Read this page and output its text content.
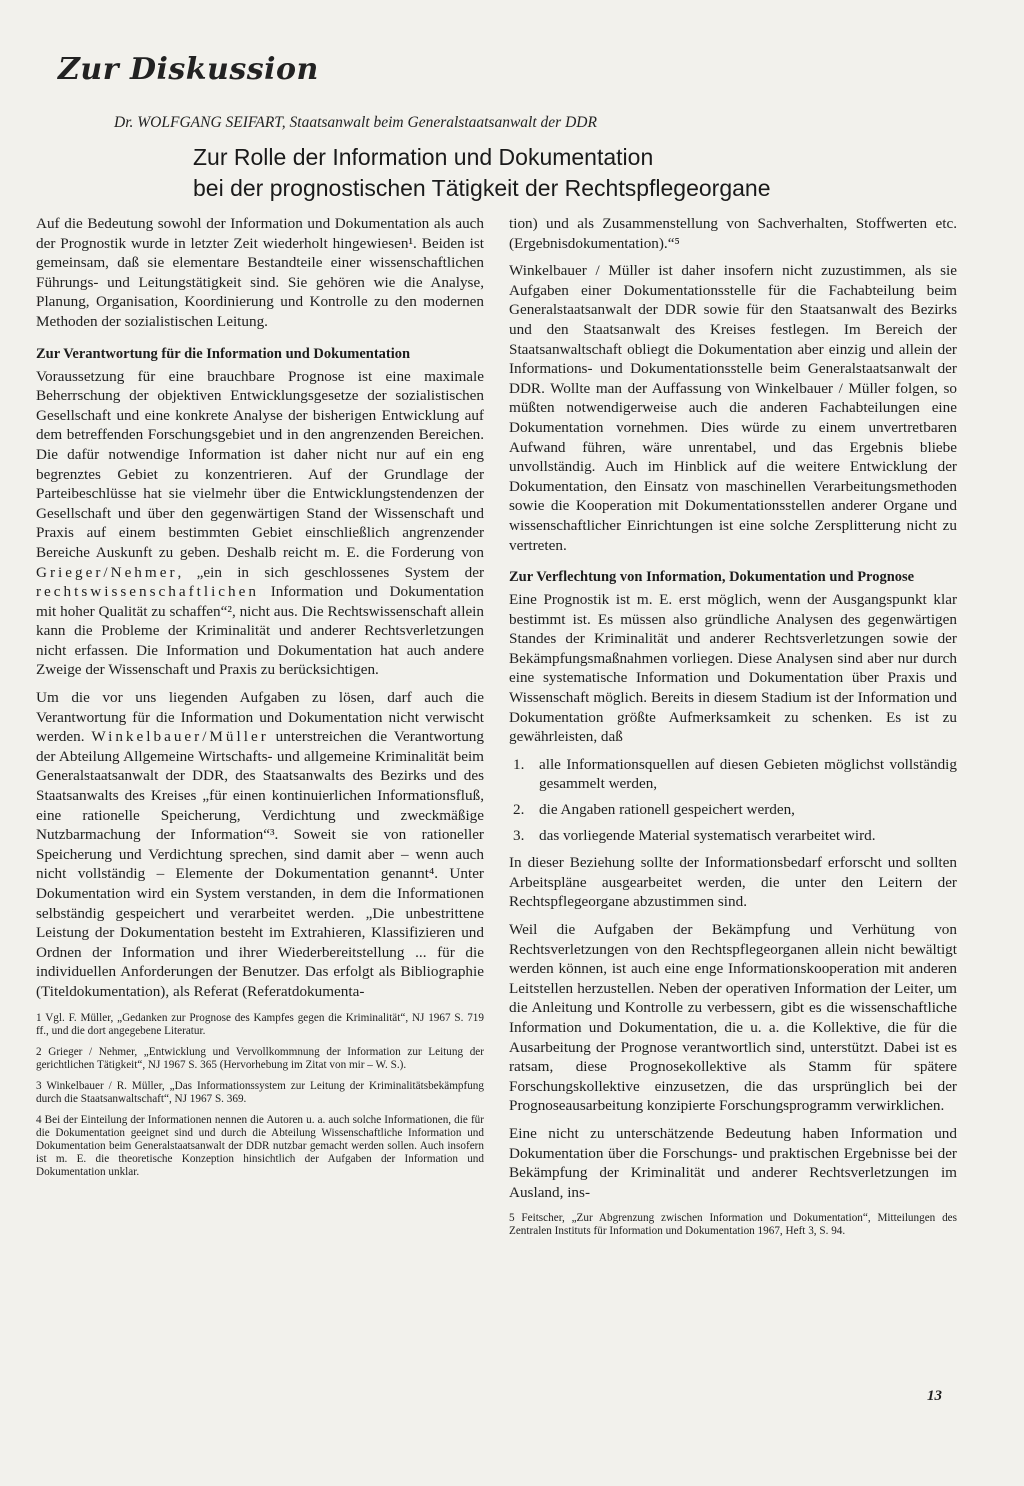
Zur Diskussion
Dr. WOLFGANG SEIFART, Staatsanwalt beim Generalstaatsanwalt der DDR
Zur Rolle der Information und Dokumentation
bei der prognostischen Tätigkeit der Rechtspflegeorgane

Auf die Bedeutung sowohl der Information und Dokumentation als auch der Prognostik wurde in letzter Zeit wiederholt hingewiesen¹. Beiden ist gemeinsam, daß sie elementare Bestandteile einer wissenschaftlichen Führungs- und Leitungstätigkeit sind. Sie gehören wie die Analyse, Planung, Organisation, Koordinierung und Kontrolle zu den modernen Methoden der sozialistischen Leitung.

Zur Verantwortung für die Information und Dokumentation

Voraussetzung für eine brauchbare Prognose ist eine maximale Beherrschung der objektiven Entwicklungsgesetze der sozialistischen Gesellschaft und eine konkrete Analyse der bisherigen Entwicklung auf dem betreffenden Forschungsgebiet und in den angrenzenden Bereichen. Die dafür notwendige Information ist daher nicht nur auf ein eng begrenztes Gebiet zu konzentrieren. Auf der Grundlage der Parteibeschlüsse hat sie vielmehr über die Entwicklungstendenzen der Gesellschaft und über den gegenwärtigen Stand der Wissenschaft und Praxis auf einem bestimmten Gebiet einschließlich angrenzender Bereiche Auskunft zu geben. Deshalb reicht m. E. die Forderung von Grieger/Nehmer, „ein in sich geschlossenes System der rechtswissenschaftlichen Information und Dokumentation mit hoher Qualität zu schaffen“², nicht aus. Die Rechtswissenschaft allein kann die Probleme der Kriminalität und anderer Rechtsverletzungen nicht erfassen. Die Information und Dokumentation hat auch andere Zweige der Wissenschaft und Praxis zu berücksichtigen.

Um die vor uns liegenden Aufgaben zu lösen, darf auch die Verantwortung für die Information und Dokumentation nicht verwischt werden. Winkelbauer/Müller unterstreichen die Verantwortung der Abteilung Allgemeine Wirtschafts- und allgemeine Kriminalität beim Generalstaatsanwalt der DDR, des Staatsanwalts des Bezirks und des Staatsanwalts des Kreises „für einen kontinuierlichen Informationsfluß, eine rationelle Speicherung, Verdichtung und zweckmäßige Nutzbarmachung der Information“³. Soweit sie von rationeller Speicherung und Verdichtung sprechen, sind damit aber – wenn auch nicht vollständig – Elemente der Dokumentation genannt⁴. Unter Dokumentation wird ein System verstanden, in dem die Informationen selbständig gespeichert und verarbeitet werden. „Die unbestrittene Leistung der Dokumentation besteht im Extrahieren, Klassifizieren und Ordnen der Information und ihrer Wiederbereitstellung ... für die individuellen Anforderungen der Benutzer. Das erfolgt als Bibliographie (Titeldokumentation), als Referat (Referatdokumenta-

1 Vgl. F. Müller, „Gedanken zur Prognose des Kampfes gegen die Kriminalität“, NJ 1967 S. 719 ff., und die dort angegebene Literatur.

2 Grieger / Nehmer, „Entwicklung und Vervollkommnung der Information zur Leitung der gerichtlichen Tätigkeit“, NJ 1967 S. 365 (Hervorhebung im Zitat von mir – W. S.).

3 Winkelbauer / R. Müller, „Das Informationssystem zur Leitung der Kriminalitätsbekämpfung durch die Staatsanwaltschaft“, NJ 1967 S. 369.

4 Bei der Einteilung der Informationen nennen die Autoren u. a. auch solche Informationen, die für die Dokumentation geeignet sind und durch die Abteilung Wissenschaftliche Information und Dokumentation beim Generalstaatsanwalt der DDR nutzbar gemacht werden sollen. Auch insofern ist m. E. die theoretische Konzeption hinsichtlich der Aufgaben der Information und Dokumentation unklar.

tion) und als Zusammenstellung von Sachverhalten, Stoffwerten etc. (Ergebnisdokumentation).“⁵

Winkelbauer / Müller ist daher insofern nicht zuzustimmen, als sie Aufgaben einer Dokumentationsstelle für die Fachabteilung beim Generalstaatsanwalt der DDR sowie für den Staatsanwalt des Bezirks und den Staatsanwalt des Kreises festlegen. Im Bereich der Staatsanwaltschaft obliegt die Dokumentation aber einzig und allein der Informations- und Dokumentationsstelle beim Generalstaatsanwalt der DDR. Wollte man der Auffassung von Winkelbauer / Müller folgen, so müßten notwendigerweise auch die anderen Fachabteilungen eine Dokumentation vornehmen. Dies würde zu einem unvertretbaren Aufwand führen, wäre unrentabel, und das Ergebnis bliebe unvollständig. Auch im Hinblick auf die weitere Entwicklung der Dokumentation, den Einsatz von maschinellen Verarbeitungsmethoden sowie die Kooperation mit Dokumentationsstellen anderer Organe und wissenschaftlicher Einrichtungen ist eine solche Zersplitterung nicht zu vertreten.

Zur Verflechtung von Information, Dokumentation und Prognose

Eine Prognostik ist m. E. erst möglich, wenn der Ausgangspunkt klar bestimmt ist. Es müssen also gründliche Analysen des gegenwärtigen Standes der Kriminalität und anderer Rechtsverletzungen sowie der Bekämpfungsmaßnahmen vorliegen. Diese Analysen sind aber nur durch eine systematische Information und Dokumentation über Praxis und Wissenschaft möglich. Bereits in diesem Stadium ist der Information und Dokumentation größte Aufmerksamkeit zu schenken. Es ist zu gewährleisten, daß

1. alle Informationsquellen auf diesen Gebieten möglichst vollständig gesammelt werden,
2. die Angaben rationell gespeichert werden,
3. das vorliegende Material systematisch verarbeitet wird.

In dieser Beziehung sollte der Informationsbedarf erforscht und sollten Arbeitspläne ausgearbeitet werden, die unter den Leitern der Rechtspflegeorgane abzustimmen sind.

Weil die Aufgaben der Bekämpfung und Verhütung von Rechtsverletzungen von den Rechtspflegeorganen allein nicht bewältigt werden können, ist auch eine enge Informationskooperation mit anderen Leitstellen herzustellen. Neben der operativen Information der Leiter, um die Anleitung und Kontrolle zu verbessern, gibt es die wissenschaftliche Information und Dokumentation, die u. a. die Kollektive, die für die Ausarbeitung der Prognose verantwortlich sind, unterstützt. Dabei ist es ratsam, diese Prognosekollektive als Stamm für spätere Forschungskollektive einzusetzen, die das ursprünglich bei der Prognoseausarbeitung konzipierte Forschungsprogramm verwirklichen.

Eine nicht zu unterschätzende Bedeutung haben Information und Dokumentation über die Forschungs- und praktischen Ergebnisse bei der Bekämpfung der Kriminalität und anderer Rechtsverletzungen im Ausland, ins-

5 Feitscher, „Zur Abgrenzung zwischen Information und Dokumentation“, Mitteilungen des Zentralen Instituts für Information und Dokumentation 1967, Heft 3, S. 94.

13
